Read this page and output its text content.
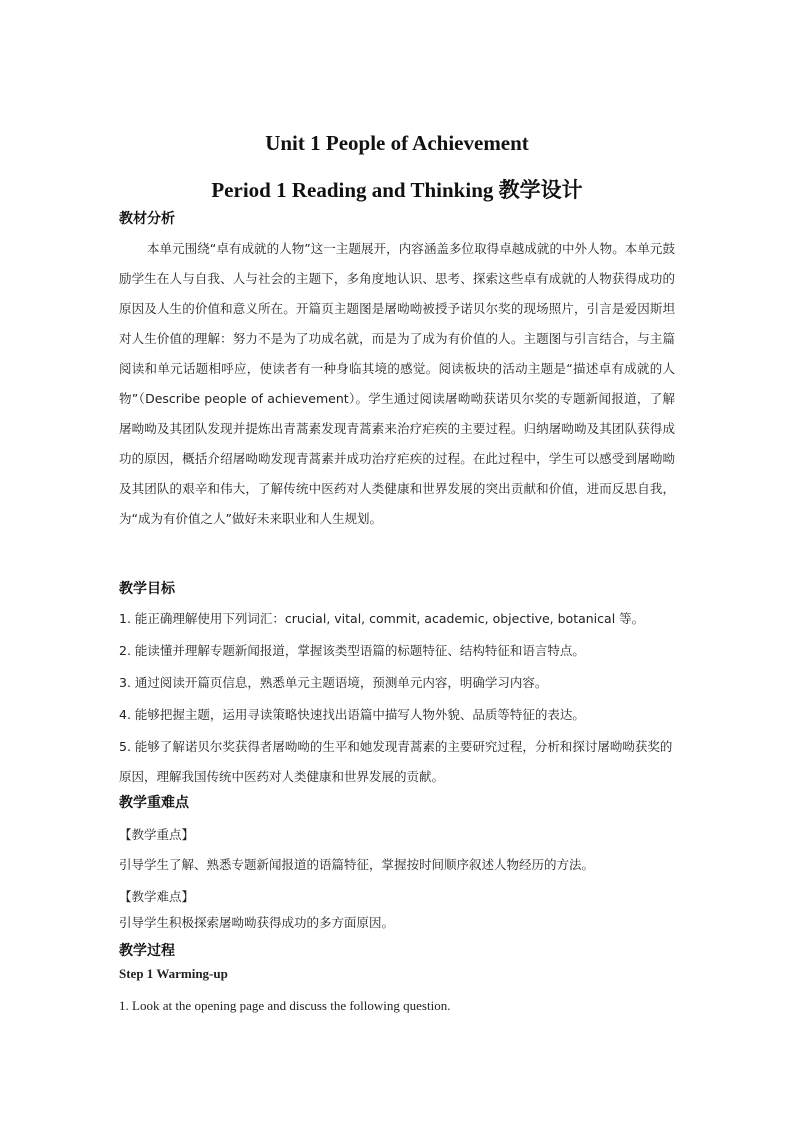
Unit 1 People of Achievement
Period 1 Reading and Thinking 教学设计
教材分析

本单元围绕“卓有成就的人物”这一主题展开，内容涵盖多位取得卓越成就的中外人物。本单元鼓励学生在人与自我、人与社会的主题下，多角度地认识、思考、探索这些卓有成就的人物获得成功的原因及人生的价值和意义所在。开篇页主题图是屠呦呦被授予诺贝尔奖的现场照片，引言是爱因斯坦对人生价值的理解：努力不是为了功成名就，而是为了成为有价值的人。主题图与引言结合，与主篇阅读和单元话题相呼应，使读者有一种身临其境的感觉。阅读板块的活动主题是“描述卓有成就的人物”（Describe people of achievement）。学生通过阅读屠呦呦获诺贝尔奖的专题新闻报道，了解屠呦呦及其团队发现并提炼出青蒿素发现青蒿素来治疗疟疾的主要过程。归纳屠呦呦及其团队获得成功的原因，概括介绍屠呦呦发现青蒿素并成功治疗疟疾的过程。在此过程中，学生可以感受到屠呦呦及其团队的艰辛和伟大，了解传统中医药对人类健康和世界发展的突出贡献和价值，进而反思自我，为“成为有价值之人”做好未来职业和人生规划。

教学目标

1. 能正确理解使用下列词汇：crucial, vital, commit, academic, objective, botanical 等。

2. 能读懂并理解专题新闻报道，掌握该类型语篇的标题特征、结构特征和语言特点。

3. 通过阅读开篇页信息，熟悉单元主题语境，预测单元内容，明确学习内容。

4. 能够把握主题，运用寻读策略快速找出语篇中描写人物外貌、品质等特征的表达。

5. 能够了解诺贝尔奖获得者屠呦呦的生平和她发现青蒿素的主要研究过程，分析和探讨屠呦呦获奖的原因，理解我国传统中医药对人类健康和世界发展的贡献。

教学重难点

【教学重点】

引导学生了解、熟悉专题新闻报道的语篇特征，掌握按时间顺序叙述人物经历的方法。

【教学难点】

引导学生积极探索屠呦呦获得成功的多方面原因。

教学过程

Step 1 Warming-up

1. Look at the opening page and discuss the following question.
